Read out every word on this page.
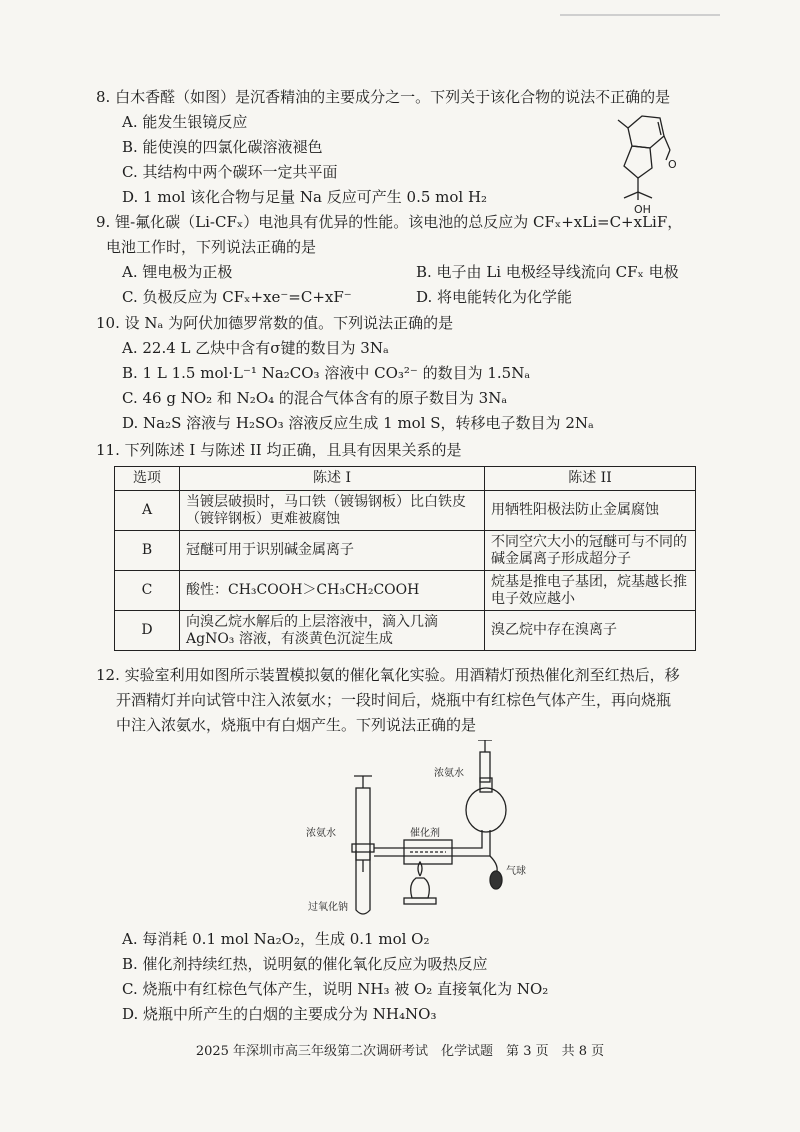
8. 白木香醛（如图）是沉香精油的主要成分之一。下列关于该化合物的说法不正确的是
A. 能发生银镜反应
B. 能使溴的四氯化碳溶液褪色
C. 其结构中两个碳环一定共平面
D. 1 mol 该化合物与足量 Na 反应可产生 0.5 mol H₂
O
OH
9. 锂-氟化碳（Li-CFₓ）电池具有优异的性能。该电池的总反应为 CFₓ+xLi=C+xLiF，
电池工作时，下列说法正确的是
A. 锂电极为正极	B. 电子由 Li 电极经导线流向 CFₓ 电极
C. 负极反应为 CFₓ+xe⁻=C+xF⁻	D. 将电能转化为化学能
10. 设 Nₐ 为阿伏加德罗常数的值。下列说法正确的是
A. 22.4 L 乙炔中含有σ键的数目为 3Nₐ
B. 1 L 1.5 mol·L⁻¹ Na₂CO₃ 溶液中 CO₃²⁻ 的数目为 1.5Nₐ
C. 46 g NO₂ 和 N₂O₄ 的混合气体含有的原子数目为 3Nₐ
D. Na₂S 溶液与 H₂SO₃ 溶液反应生成 1 mol S，转移电子数目为 2Nₐ
11. 下列陈述 I 与陈述 II 均正确，且具有因果关系的是
选项	陈述 I	陈述 II
A	当镀层破损时，马口铁（镀锡钢板）比白铁皮（镀锌钢板）更难被腐蚀	用牺牲阳极法防止金属腐蚀
B	冠醚可用于识别碱金属离子	不同空穴大小的冠醚可与不同的碱金属离子形成超分子
C	酸性：CH₃COOH＞CH₃CH₂COOH	烷基是推电子基团，烷基越长推电子效应越小
D	向溴乙烷水解后的上层溶液中，滴入几滴 AgNO₃ 溶液，有淡黄色沉淀生成	溴乙烷中存在溴离子
12. 实验室利用如图所示装置模拟氨的催化氧化实验。用酒精灯预热催化剂至红热后，移
开酒精灯并向试管中注入浓氨水；一段时间后，烧瓶中有红棕色气体产生，再向烧瓶
中注入浓氨水，烧瓶中有白烟产生。下列说法正确的是
浓氨水
浓氨水
催化剂
气球
过氧化钠
A. 每消耗 0.1 mol Na₂O₂，生成 0.1 mol O₂
B. 催化剂持续红热，说明氨的催化氧化反应为吸热反应
C. 烧瓶中有红棕色气体产生，说明 NH₃ 被 O₂ 直接氧化为 NO₂
D. 烧瓶中所产生的白烟的主要成分为 NH₄NO₃
2025 年深圳市高三年级第二次调研考试　化学试题　第 3 页　共 8 页
